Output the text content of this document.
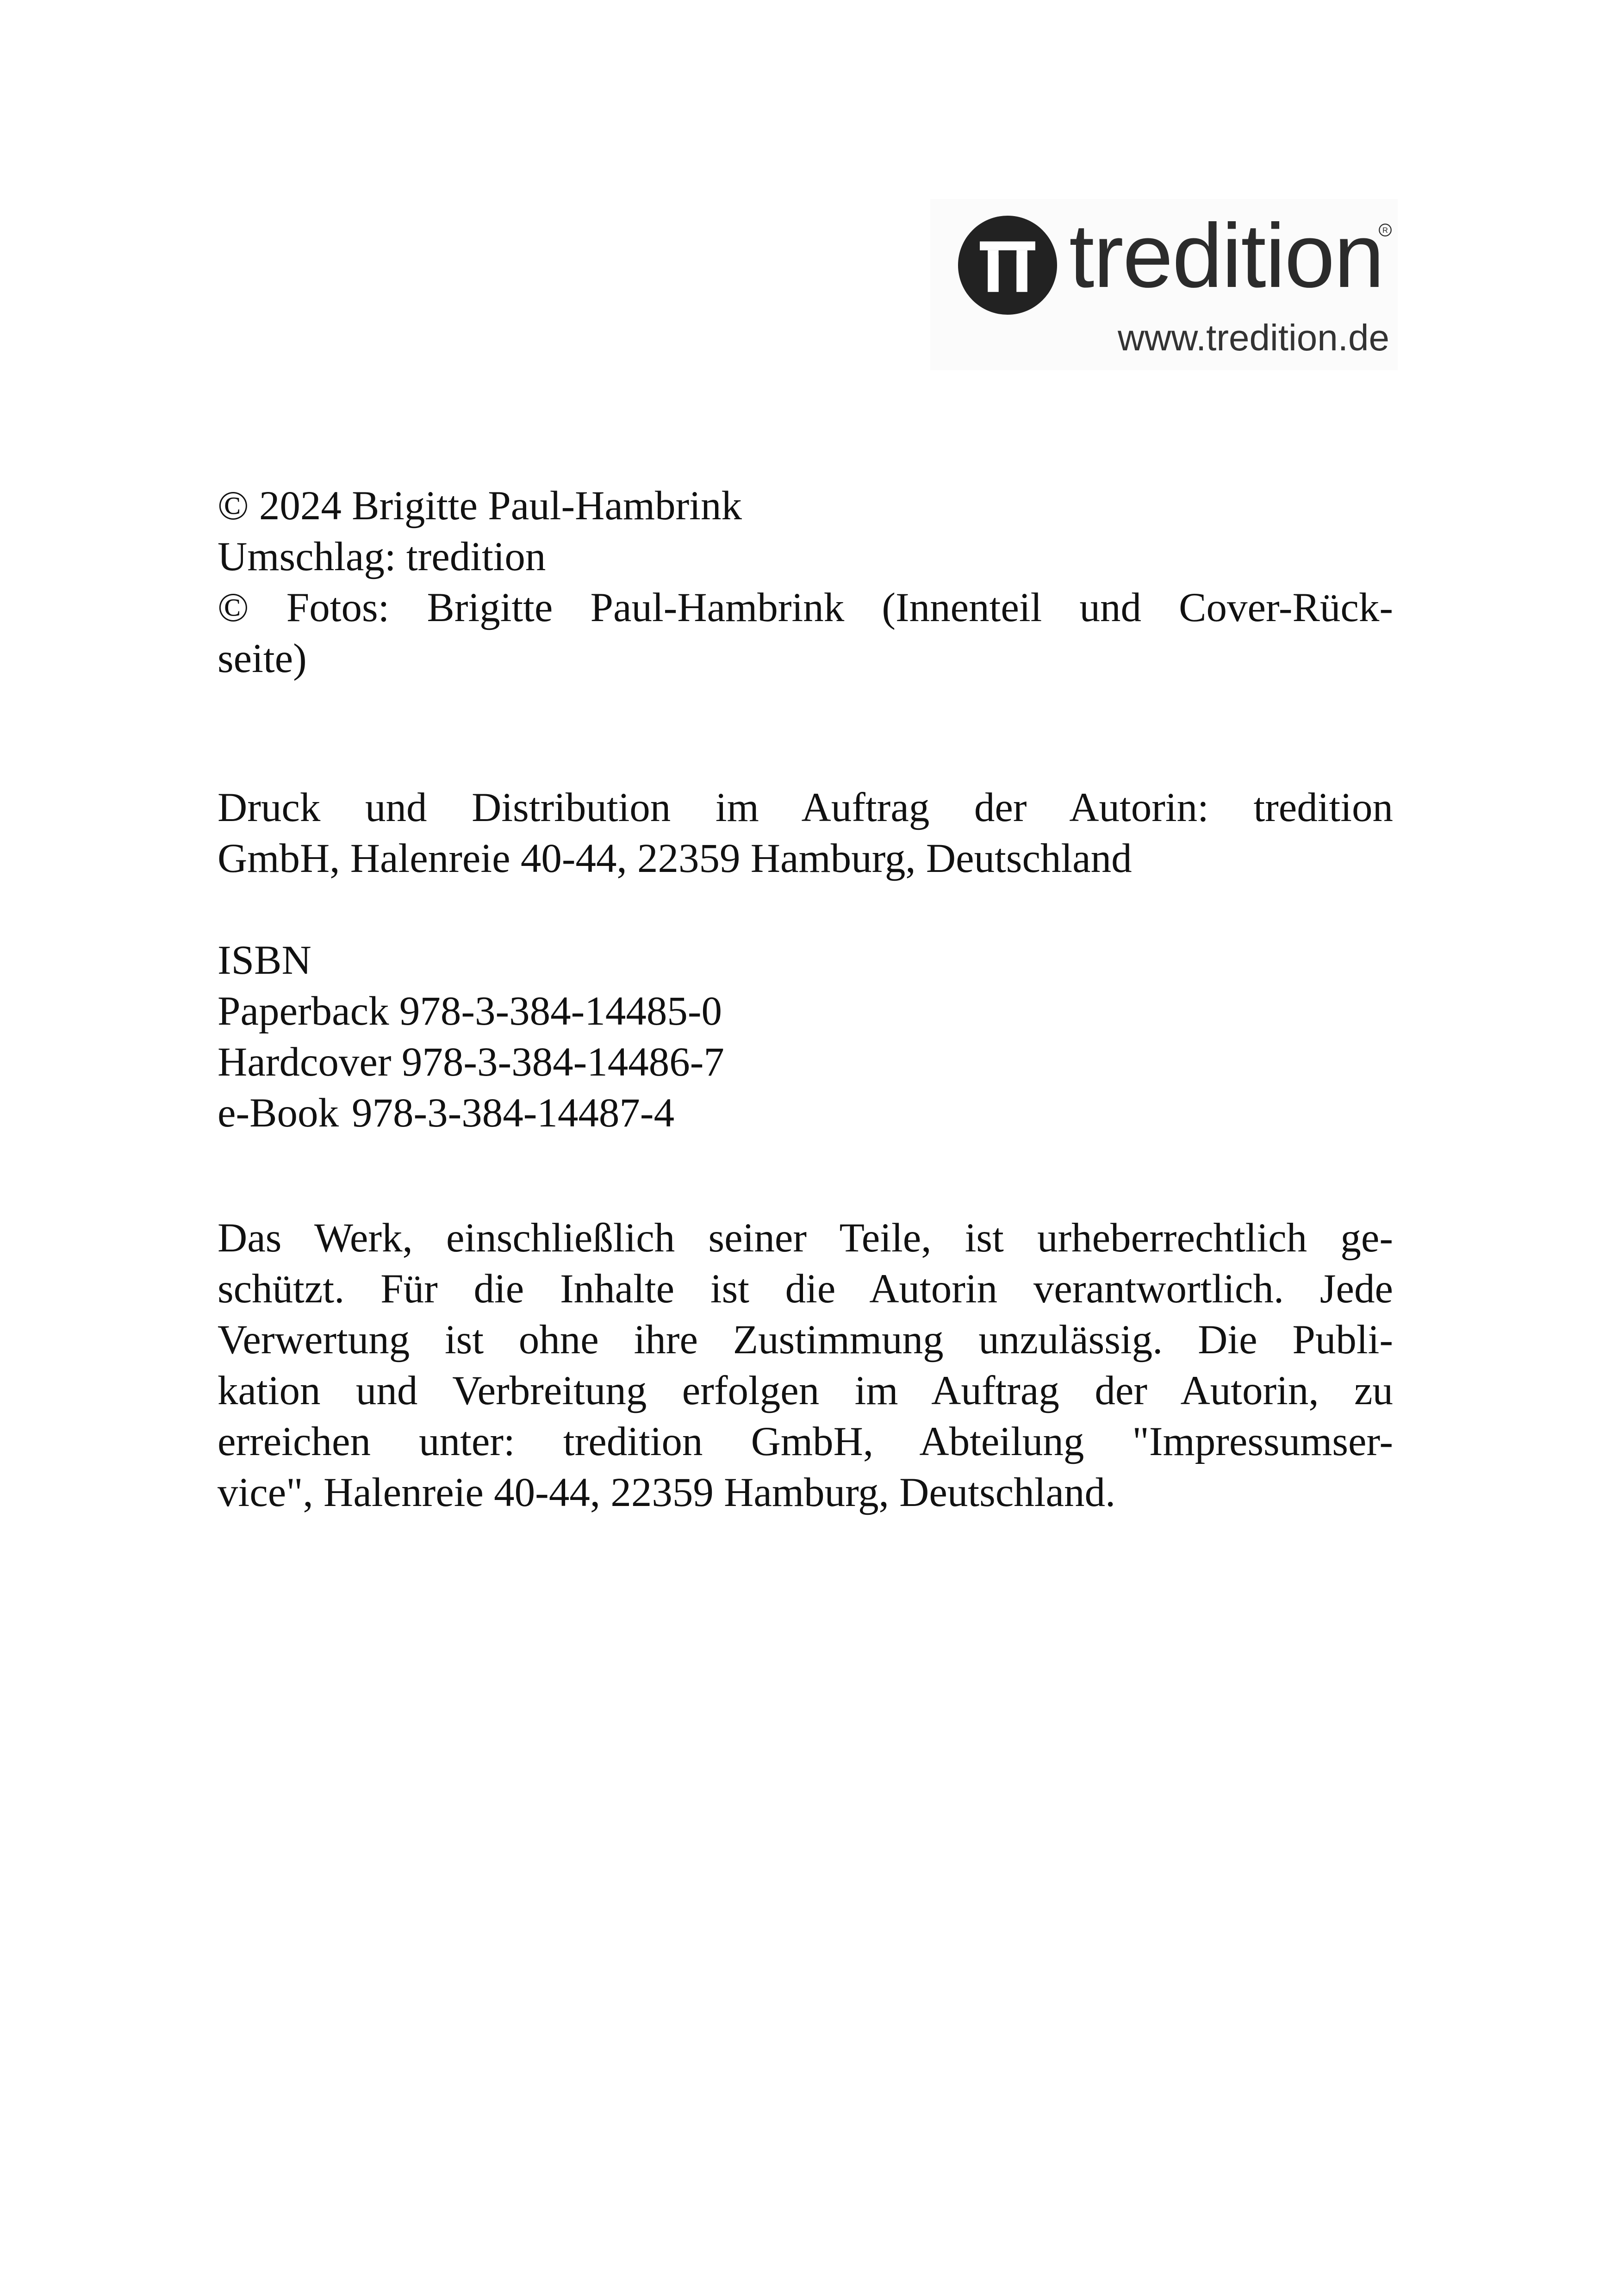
tredition
R
www.tredition.de
© 2024 Brigitte Paul-Hambrink
Umschlag: tredition
© Fotos: Brigitte Paul-Hambrink (Innenteil und Cover-Rück-
seite)
Druck und Distribution im Auftrag der Autorin: tredition
GmbH, Halenreie 40-44, 22359 Hamburg, Deutschland
ISBN
Paperback 978-3-384-14485-0
Hardcover 978-3-384-14486-7
e-Book 978-3-384-14487-4
Das Werk, einschließlich seiner Teile, ist urheberrechtlich ge-
schützt. Für die Inhalte ist die Autorin verantwortlich. Jede
Verwertung ist ohne ihre Zustimmung unzulässig. Die Publi-
kation und Verbreitung erfolgen im Auftrag der Autorin, zu
erreichen unter: tredition GmbH, Abteilung "Impressumser-
vice", Halenreie 40-44, 22359 Hamburg, Deutschland.
